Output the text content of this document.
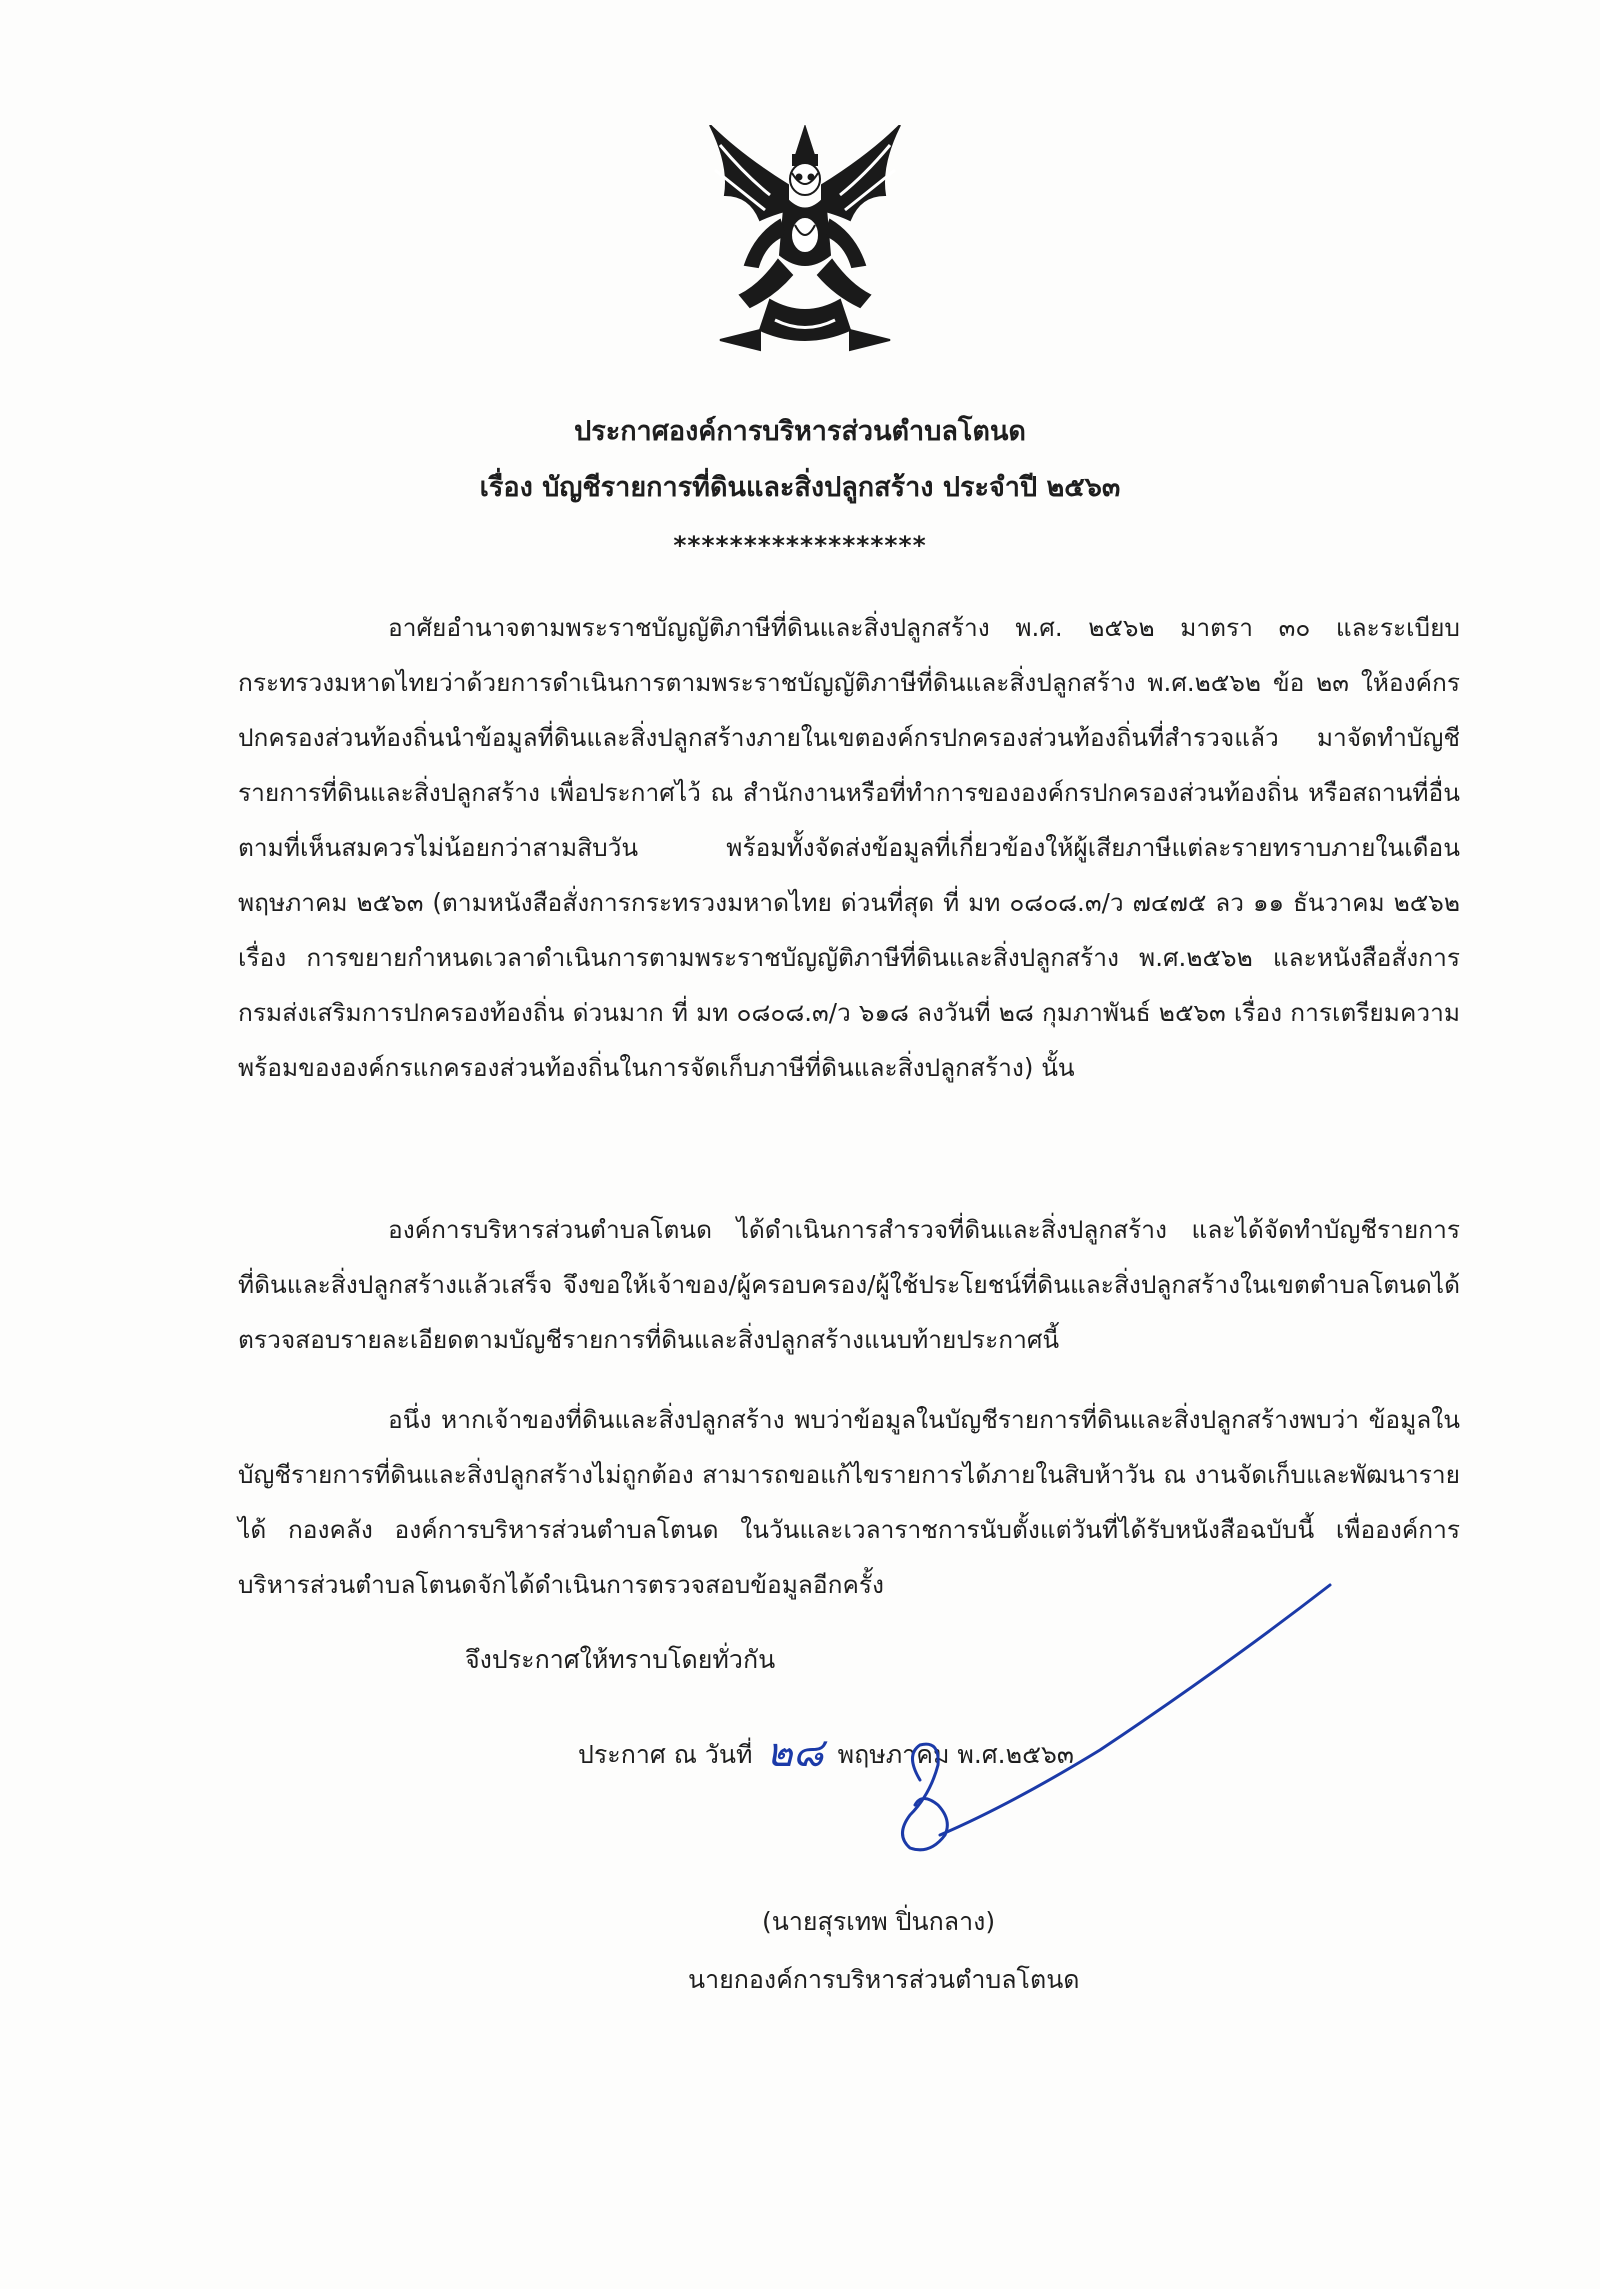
ประกาศองค์การบริหารส่วนตำบลโตนด
เรื่อง บัญชีรายการที่ดินและสิ่งปลูกสร้าง ประจำปี ๒๕๖๓
******************

อาศัยอำนาจตามพระราชบัญญัติภาษีที่ดินและสิ่งปลูกสร้าง พ.ศ. ๒๕๖๒ มาตรา ๓๐ และระเบียบกระทรวงมหาดไทยว่าด้วยการดำเนินการตามพระราชบัญญัติภาษีที่ดินและสิ่งปลูกสร้าง พ.ศ.๒๕๖๒ ข้อ ๒๓ ให้องค์กรปกครองส่วนท้องถิ่นนำข้อมูลที่ดินและสิ่งปลูกสร้างภายในเขตองค์กรปกครองส่วนท้องถิ่นที่สำรวจแล้ว มาจัดทำบัญชีรายการที่ดินและสิ่งปลูกสร้าง เพื่อประกาศไว้ ณ สำนักงานหรือที่ทำการขององค์กรปกครองส่วนท้องถิ่น หรือสถานที่อื่นตามที่เห็นสมควรไม่น้อยกว่าสามสิบวัน พร้อมทั้งจัดส่งข้อมูลที่เกี่ยวข้องให้ผู้เสียภาษีแต่ละรายทราบภายในเดือนพฤษภาคม ๒๕๖๓ (ตามหนังสือสั่งการกระทรวงมหาดไทย ด่วนที่สุด ที่ มท ๐๘๐๘.๓/ว ๗๔๗๕ ลว ๑๑ ธันวาคม ๒๕๖๒ เรื่อง การขยายกำหนดเวลาดำเนินการตามพระราชบัญญัติภาษีที่ดินและสิ่งปลูกสร้าง พ.ศ.๒๕๖๒ และหนังสือสั่งการ กรมส่งเสริมการปกครองท้องถิ่น ด่วนมาก ที่ มท ๐๘๐๘.๓/ว ๖๑๘ ลงวันที่ ๒๘ กุมภาพันธ์ ๒๕๖๓ เรื่อง การเตรียมความพร้อมขององค์กรแกครองส่วนท้องถิ่นในการจัดเก็บภาษีที่ดินและสิ่งปลูกสร้าง) นั้น

องค์การบริหารส่วนตำบลโตนด ได้ดำเนินการสำรวจที่ดินและสิ่งปลูกสร้าง และได้จัดทำบัญชีรายการที่ดินและสิ่งปลูกสร้างแล้วเสร็จ จึงขอให้เจ้าของ/ผู้ครอบครอง/ผู้ใช้ประโยชน์ที่ดินและสิ่งปลูกสร้างในเขตตำบลโตนดได้ตรวจสอบรายละเอียดตามบัญชีรายการที่ดินและสิ่งปลูกสร้างแนบท้ายประกาศนี้

อนึ่ง หากเจ้าของที่ดินและสิ่งปลูกสร้าง พบว่าข้อมูลในบัญชีรายการที่ดินและสิ่งปลูกสร้างพบว่า ข้อมูลในบัญชีรายการที่ดินและสิ่งปลูกสร้างไม่ถูกต้อง สามารถขอแก้ไขรายการได้ภายในสิบห้าวัน ณ งานจัดเก็บและพัฒนารายได้ กองคลัง องค์การบริหารส่วนตำบลโตนด ในวันและเวลาราชการนับตั้งแต่วันที่ได้รับหนังสือฉบับนี้ เพื่อองค์การบริหารส่วนตำบลโตนดจักได้ดำเนินการตรวจสอบข้อมูลอีกครั้ง

จึงประกาศให้ทราบโดยทั่วกัน
ประกาศ ณ วันที่ ๒๘ พฤษภาคม พ.ศ.๒๕๖๓
(นายสุรเทพ ปิ่นกลาง)
นายกองค์การบริหารส่วนตำบลโตนด
